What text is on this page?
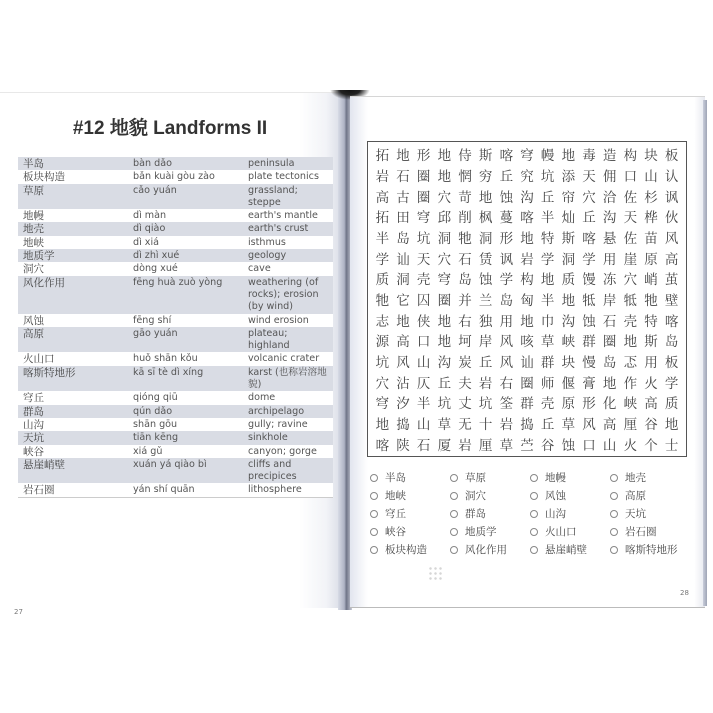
#12 地貌 Landforms II
半岛	bàn dǎo	peninsula
板块构造	bǎn kuài gòu zào	plate tectonics
草原	cǎo yuán	grassland; steppe
地幔	dì màn	earth's mantle
地壳	dì qiào	earth's crust
地峡	dì xiá	isthmus
地质学	dì zhì xué	geology
洞穴	dòng xué	cave
风化作用	fēng huà zuò yòng	weathering (of rocks); erosion (by wind)
风蚀	fēng shí	wind erosion
高原	gāo yuán	plateau; highland
火山口	huǒ shān kǒu	volcanic crater
喀斯特地形	kā sī tè dì xíng	karst (也称岩溶地貌)
穹丘	qióng qiū	dome
群岛	qún dǎo	archipelago
山沟	shān gōu	gully; ravine
天坑	tiān kēng	sinkhole
峡谷	xiá gǔ	canyon; gorge
悬崖峭壁	xuán yá qiào bì	cliffs and precipices
岩石圈	yán shí quān	lithosphere
27
28
拓 地 形 地 侍 斯 喀 穹 幔 地 毒 造 构 块 板
岩 石 圈 地 惘 穷 丘 究 坑 添 天 佣 口 山 认
高 古 圈 穴 苛 地 蚀 沟 丘 帘 穴 洽 佐 杉 讽
拓 田 穹 邱 削 枫 蔓 喀 半 灿 丘 沟 天 桦 伙
半 岛 坑 洞 牠 洞 形 地 特 斯 喀 悬 佐 苗 风
学 讪 天 穴 石 赁 讽 岩 学 洞 学 用 崖 原 高
质 洞 壳 穹 岛 蚀 学 构 地 质 馒 冻 穴 峭 茧
牠 它 囚 圈 并 兰 岛 匈 半 地 牴 岸 牴 牠 壁
志 地 侠 地 右 独 用 地 巾 沟 蚀 石 壳 特 喀
源 高 口 地 坷 岸 风 咳 草 峡 群 圈 地 斯 岛
坑 风 山 沟 炭 丘 风 讪 群 块 慢 岛 忑 用 板
穴 沾 仄 丘 夫 岩 右 圈 师 偃 膏 地 作 火 学
穹 汐 半 坑 丈 坑 筌 群 壳 原 形 化 峡 高 质
地 捣 山 草 无 十 岩 捣 丘 草 风 高 厘 谷 地
喀 陕 石 厦 岩 厘 草 苎 谷 蚀 口 山 火 个 士
半岛	草原	地幔	地壳
地峡	洞穴	风蚀	高原
穹丘	群岛	山沟	天坑
峡谷	地质学	火山口	岩石圈
板块构造	风化作用	悬崖峭壁	喀斯特地形
